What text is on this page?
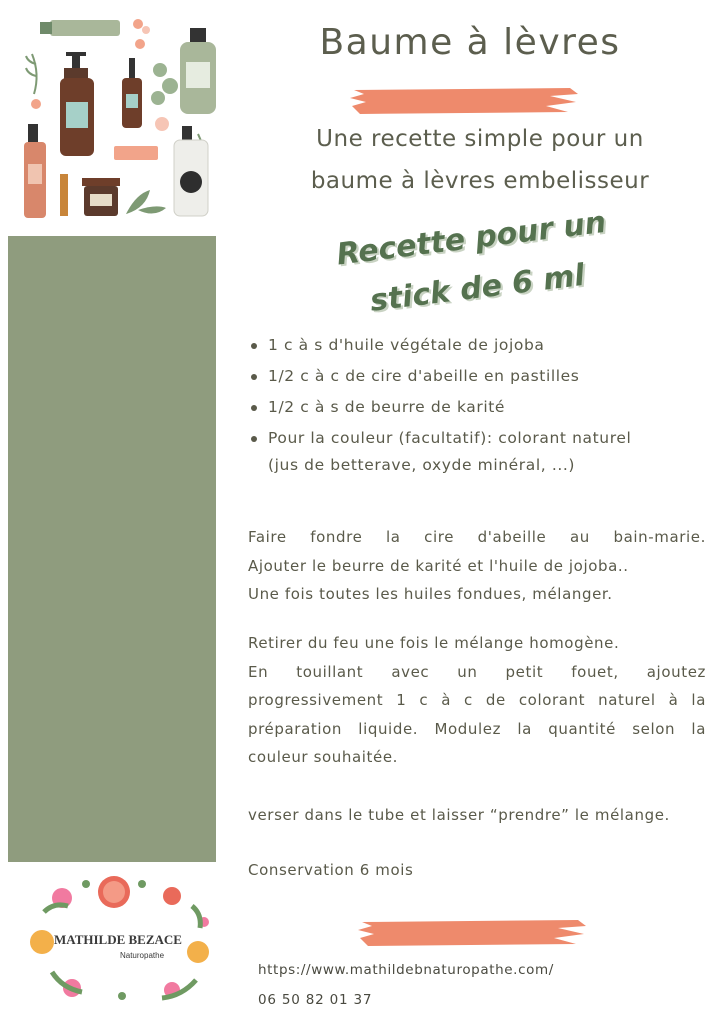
MATHILDE BEZACE
Naturopathe
Baume à lèvres
Une recette simple pour un
baume à lèvres embelisseur
Recette pour un
stick de 6 ml
1 c à s d'huile végétale de jojoba
1/2 c à c de cire d'abeille en pastilles
1/2 c à s de beurre de karité
Pour la couleur (facultatif): colorant naturel
(jus de betterave, oxyde minéral, ...)
Faire fondre la cire d'abeille au bain-marie.
Ajouter le beurre de karité et l'huile de jojoba..
Une fois toutes les huiles fondues, mélanger.
Retirer du feu une fois le mélange homogène.
En touillant avec un petit fouet, ajoutez
progressivement 1 c à c de colorant naturel à la
préparation liquide. Modulez la quantité selon la
couleur souhaitée.
verser dans le tube et laisser “prendre” le mélange.
Conservation 6 mois
https://www.mathildebnaturopathe.com/
06 50 82 01 37
